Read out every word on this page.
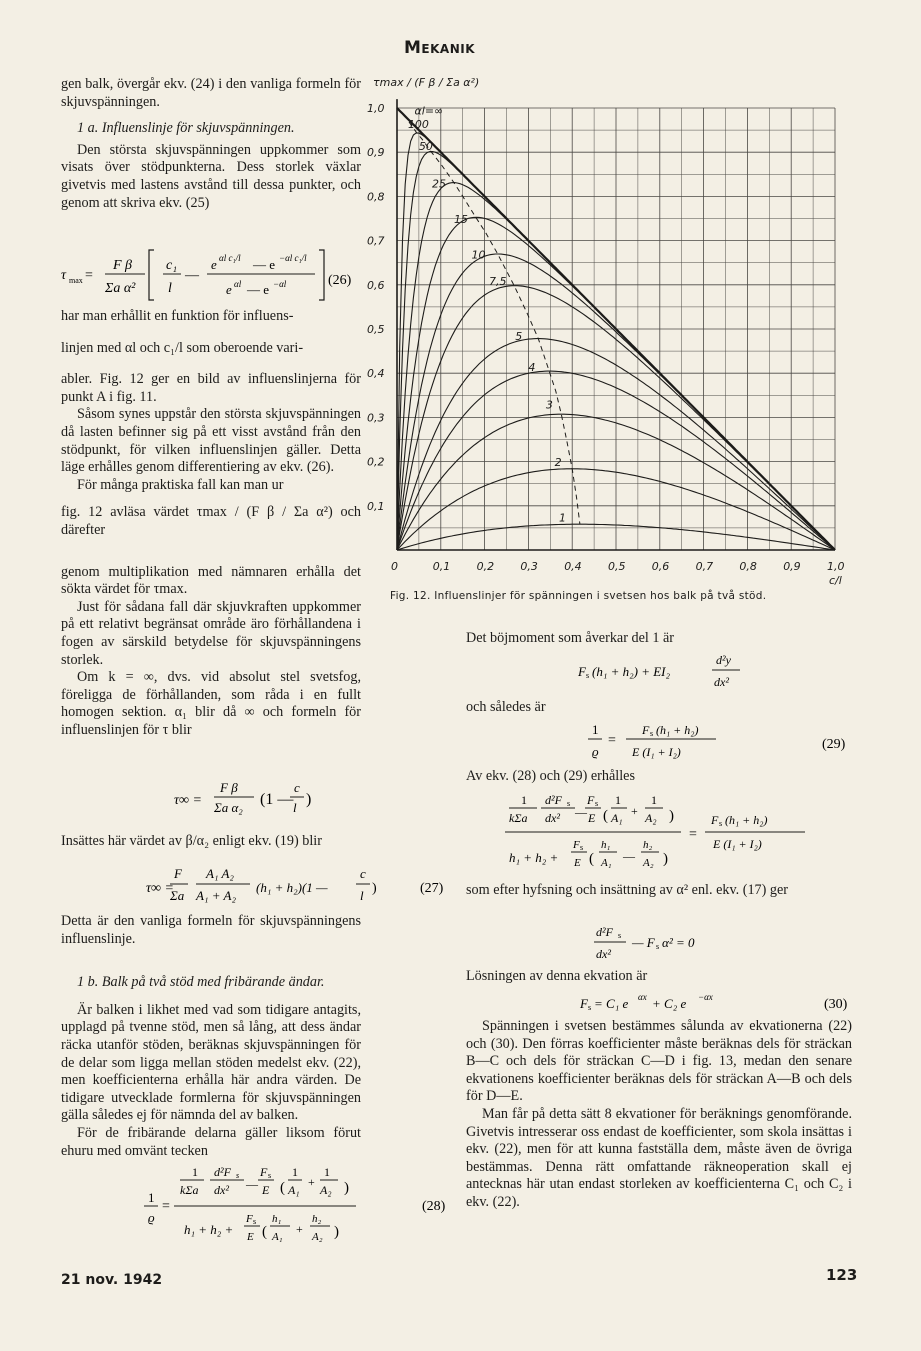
Mekanik

gen balk, övergår ekv. (24) i den vanliga formeln för skjuvspänningen.

1 a. Influenslinje för skjuvspänningen.

Den största skjuvspänningen uppkommer som visats över stödpunkterna. Dess storlek växlar givetvis med lastens avstånd till dessa punkter, och genom att skriva ekv. (25)

τ max =
F β
Σa α²
c₁
l
—
e αl c₁/l — e −αl c₁/l
e αl — e −αl	(26)

har man erhållit en funktion för influens-

linjen med αl och c₁/l som oberoende vari-

abler. Fig. 12 ger en bild av influenslinjerna för punkt A i fig. 11.

Såsom synes uppstår den största skjuvspänningen då lasten befinner sig på ett visst avstånd från den stödpunkt, för vilken influenslinjen gäller. Detta läge erhålles genom differentiering av ekv. (26).

För många praktiska fall kan man ur

fig. 12 avläsa värdet τmax / (F β / Σa α²) och därefter

genom multiplikation med nämnaren erhålla det sökta värdet för τmax.

Just för sådana fall där skjuvkraften uppkommer på ett relativt begränsat område äro förhållandena i fogen av särskild betydelse för skjuvspänningens storlek.

Om k = ∞, dvs. vid absolut stel svetsfog, föreligga de förhållanden, som råda i en fullt homogen sektion. α₁ blir då ∞ och formeln för influenslinjen för τ blir

τ∞ =
F β
Σa α₂ (1 —
c
l )

Insättes här värdet av β/α₂ enligt ekv. (19) blir

τ∞ =
F
Σa
A₁ A₂
A₁ + A₂
(h₁ + h₂)(1 —
c
l )	(27)

Detta är den vanliga formeln för skjuvspänningens influenslinje.

1 b. Balk på två stöd med fribärande ändar.

Är balken i likhet med vad som tidigare antagits, upplagd på tvenne stöd, men så lång, att dess ändar räcka utanför stöden, beräknas skjuvspänningen för de delar som ligga mellan stöden medelst ekv. (22), men koefficienterna erhålla här andra värden. De tidigare utvecklade formlerna för skjuvspänningen gälla således ej för nämnda del av balken.

För de fribärande delarna gäller liksom förut ehuru med omvänt tecken

1
ϱ
=
1 d²F s F s
(
1
+
1
)
kΣa dx² — E A₁ A₂
h₁ + h₂ +
F s
E (
h₁
A₁
+
h₂
A₂ )
(28)
21 nov. 1942	123
αl=∞
100
50
25
15
10
7,5
5
4
3
2
1
0	0,1 0,2 0,3 0,4 0,5 0,6 0,7 0,8 0,9 1,0
0,1
0,2
0,3
0,4
0,5
0,6
0,7
0,8
0,9
1,0
τmax / (F β / Σa α²)
c/l
Fig. 12. Influenslinjer för spänningen i svetsen hos balk på två stöd.

Det böjmoment som åverkar del 1 är

F s (h₁ + h₂) + EI₂
d²y
dx²

och således är

1
ϱ
=
F s (h₁ + h₂)
E (I₁ + I₂)	(29)

Av ekv. (28) och (29) erhålles

1 d²F s F s
(
1
+
1
)
kΣa dx² — E A₁ A₂
h₁ + h₂ +
F s
E (
h₁
A₁ —
h₂
A₂ )
=
F s (h₁ + h₂)
E (I₁ + I₂)

som efter hyfsning och insättning av α² enl. ekv. (17) ger

d²F s
dx²
— F s α² = 0

Lösningen av denna ekvation är

F s = C₁ e αx + C₂ e −αx	(30)

Spänningen i svetsen bestämmes sålunda av ekvationerna (22) och (30). Den förras koefficienter måste beräknas dels för sträckan B—C och dels för sträckan C—D i fig. 13, medan den senare ekvationens koefficienter beräknas dels för sträckan A—B och dels för D—E.

Man får på detta sätt 8 ekvationer för beräknings genomförande. Givetvis intresserar oss endast de koefficienter, som skola insättas i ekv. (22), men för att kunna fastställa dem, måste även de övriga bestämmas. Denna rätt omfattande räkneoperation skall ej antecknas här utan endast storleken av koefficienterna C₁ och C₂ i ekv. (22).
